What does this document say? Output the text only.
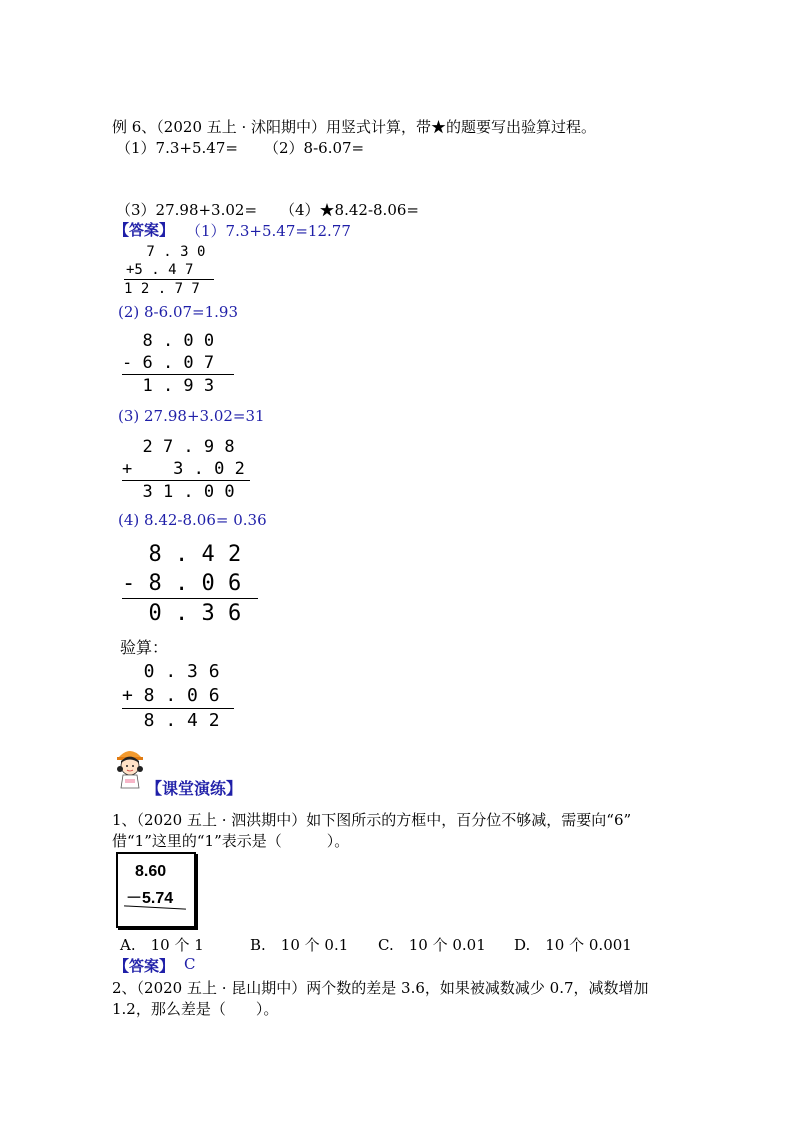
例 6、（2020 五上 · 沭阳期中）用竖式计算，带★的题要写出验算过程。
（1）7.3+5.47= （2）8-6.07=
（3）27.98+3.02= （4）★8.42-8.06=
【答案】 （1）7.3+5.47=12.77
7 . 3 0
+5 . 4 7
1 2 . 7 7
(2) 8-6.07=1.93
8 . 0 0
- 6 . 0 7
1 . 9 3
(3) 27.98+3.02=31
2 7 . 9 8
+    3 . 0 2
3 1 . 0 0
(4) 8.42-8.06= 0.36
8 . 4 2
- 8 . 0 6
0 . 3 6
验算：
0 . 3 6
+ 8 . 0 6
8 . 4 2
【课堂演练】
1、（2020 五上 · 泗洪期中）如下图所示的方框中，百分位不够减，需要向“6”
借“1”这里的“1”表示是（　　　）。
8.60
－5.74
A.　10 个 1	B.　10 个 0.1 C.　10 个 0.01 D.　10 个 0.001
【答案】 C
2、（2020 五上 · 昆山期中）两个数的差是 3.6，如果被减数减少 0.7，减数增加
1.2，那么差是（　　）。
